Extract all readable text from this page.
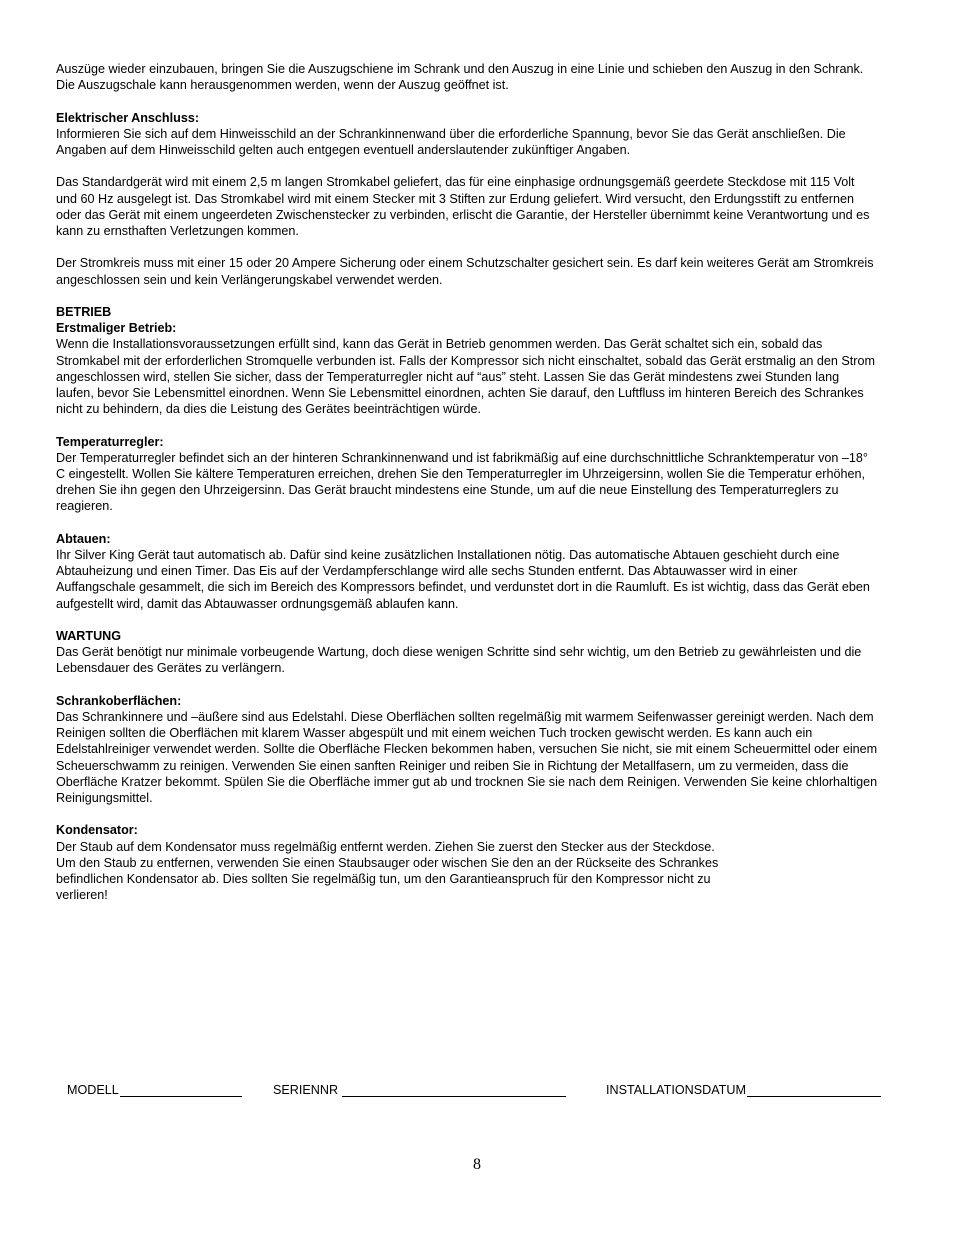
Auszüge wieder einzubauen, bringen Sie die Auszugschiene im Schrank und den Auszug in eine Linie und schieben den Auszug in den Schrank. Die Auszugschale kann herausgenommen werden, wenn der Auszug geöffnet ist.

Elektrischer Anschluss:

Informieren Sie sich auf dem Hinweisschild an der Schrankinnenwand über die erforderliche Spannung, bevor Sie das Gerät anschließen. Die Angaben auf dem Hinweisschild gelten auch entgegen eventuell anderslautender zukünftiger Angaben.

Das Standardgerät wird mit einem 2,5 m langen Stromkabel geliefert, das für eine einphasige ordnungsgemäß geerdete Steckdose mit 115 Volt und 60 Hz ausgelegt ist. Das Stromkabel wird mit einem Stecker mit 3 Stiften zur Erdung geliefert. Wird versucht, den Erdungsstift zu entfernen oder das Gerät mit einem ungeerdeten Zwischenstecker zu verbinden, erlischt die Garantie, der Hersteller übernimmt keine Verantwortung und es kann zu ernsthaften Verletzungen kommen.

Der Stromkreis muss mit einer 15 oder 20 Ampere Sicherung oder einem Schutzschalter gesichert sein. Es darf kein weiteres Gerät am Stromkreis angeschlossen sein und kein Verlängerungskabel verwendet werden.

BETRIEB
Erstmaliger Betrieb:

Wenn die Installationsvoraussetzungen erfüllt sind, kann das Gerät in Betrieb genommen werden. Das Gerät schaltet sich ein, sobald das Stromkabel mit der erforderlichen Stromquelle verbunden ist. Falls der Kompressor sich nicht einschaltet, sobald das Gerät erstmalig an den Strom angeschlossen wird, stellen Sie sicher, dass der Temperaturregler nicht auf “aus” steht. Lassen Sie das Gerät mindestens zwei Stunden lang laufen, bevor Sie Lebensmittel einordnen. Wenn Sie Lebensmittel einordnen, achten Sie darauf, den Luftfluss im hinteren Bereich des Schrankes nicht zu behindern, da dies die Leistung des Gerätes beeinträchtigen würde.

Temperaturregler:

Der Temperaturregler befindet sich an der hinteren Schrankinnenwand und ist fabrikmäßig auf eine durchschnittliche Schranktemperatur von –18° C eingestellt. Wollen Sie kältere Temperaturen erreichen, drehen Sie den Temperaturregler im Uhrzeigersinn, wollen Sie die Temperatur erhöhen, drehen Sie ihn gegen den Uhrzeigersinn. Das Gerät braucht mindestens eine Stunde, um auf die neue Einstellung des Temperaturreglers zu reagieren.

Abtauen:

Ihr Silver King Gerät taut automatisch ab. Dafür sind keine zusätzlichen Installationen nötig. Das automatische Abtauen geschieht durch eine Abtauheizung und einen Timer. Das Eis auf der Verdampferschlange wird alle sechs Stunden entfernt. Das Abtauwasser wird in einer Auffangschale gesammelt, die sich im Bereich des Kompressors befindet, und verdunstet dort in die Raumluft. Es ist wichtig, dass das Gerät eben aufgestellt wird, damit das Abtauwasser ordnungsgemäß ablaufen kann.

WARTUNG

Das Gerät benötigt nur minimale vorbeugende Wartung, doch diese wenigen Schritte sind sehr wichtig, um den Betrieb zu gewährleisten und die Lebensdauer des Gerätes zu verlängern.

Schrankoberflächen:

Das Schrankinnere und –äußere sind aus Edelstahl. Diese Oberflächen sollten regelmäßig mit warmem Seifenwasser gereinigt werden. Nach dem Reinigen sollten die Oberflächen mit klarem Wasser abgespült und mit einem weichen Tuch trocken gewischt werden. Es kann auch ein Edelstahlreiniger verwendet werden. Sollte die Oberfläche Flecken bekommen haben, versuchen Sie nicht, sie mit einem Scheuermittel oder einem Scheuerschwamm zu reinigen. Verwenden Sie einen sanften Reiniger und reiben Sie in Richtung der Metallfasern, um zu vermeiden, dass die Oberfläche Kratzer bekommt. Spülen Sie die Oberfläche immer gut ab und trocknen Sie sie nach dem Reinigen. Verwenden Sie keine chlorhaltigen Reinigungsmittel.

Kondensator:

Der Staub auf dem Kondensator muss regelmäßig entfernt werden. Ziehen Sie zuerst den Stecker aus der Steckdose. Um den Staub zu entfernen, verwenden Sie einen Staubsauger oder wischen Sie den an der Rückseite des Schrankes befindlichen Kondensator ab. Dies sollten Sie regelmäßig tun, um den Garantieanspruch für den Kompressor nicht zu verlieren!

MODELL	SERIENNR	INSTALLATIONSDATUM
8
